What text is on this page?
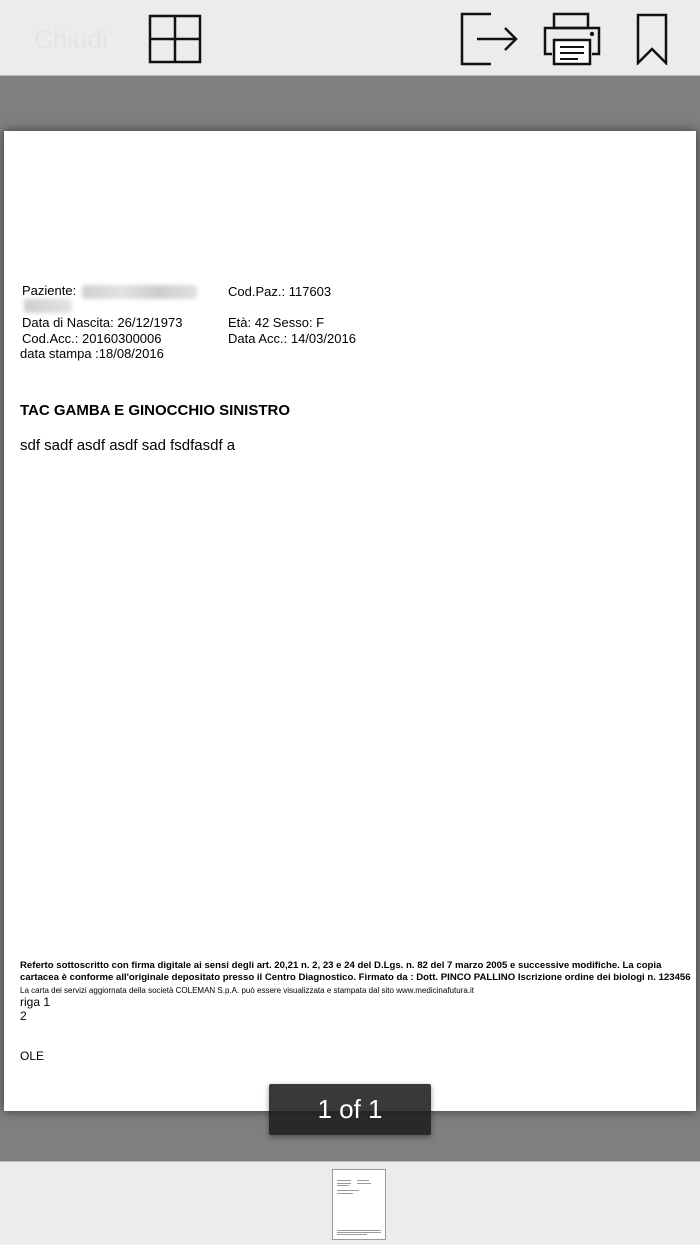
Chiudi
Paziente:	Cod.Paz.: 117603
Data di Nascita: 26/12/1973	Età: 42 Sesso: F
Cod.Acc.: 20160300006	Data Acc.: 14/03/2016
data stampa :18/08/2016
TAC GAMBA E GINOCCHIO SINISTRO
sdf sadf asdf asdf sad fsdfasdf a
Referto sottoscritto con firma digitale ai sensi degli art. 20,21 n. 2, 23 e 24 del D.Lgs. n. 82 del 7 marzo 2005 e successive modifiche. La copia
cartacea è conforme all'originale depositato presso il Centro Diagnostico. Firmato da : Dott. PINCO PALLINO Iscrizione ordine dei biologi n. 123456
La carta dei servizi aggiornata della società COLEMAN S.p.A. può essere visualizzata e stampata dal sito www.medicinafutura.it
riga 1
2
OLE
1 of 1
